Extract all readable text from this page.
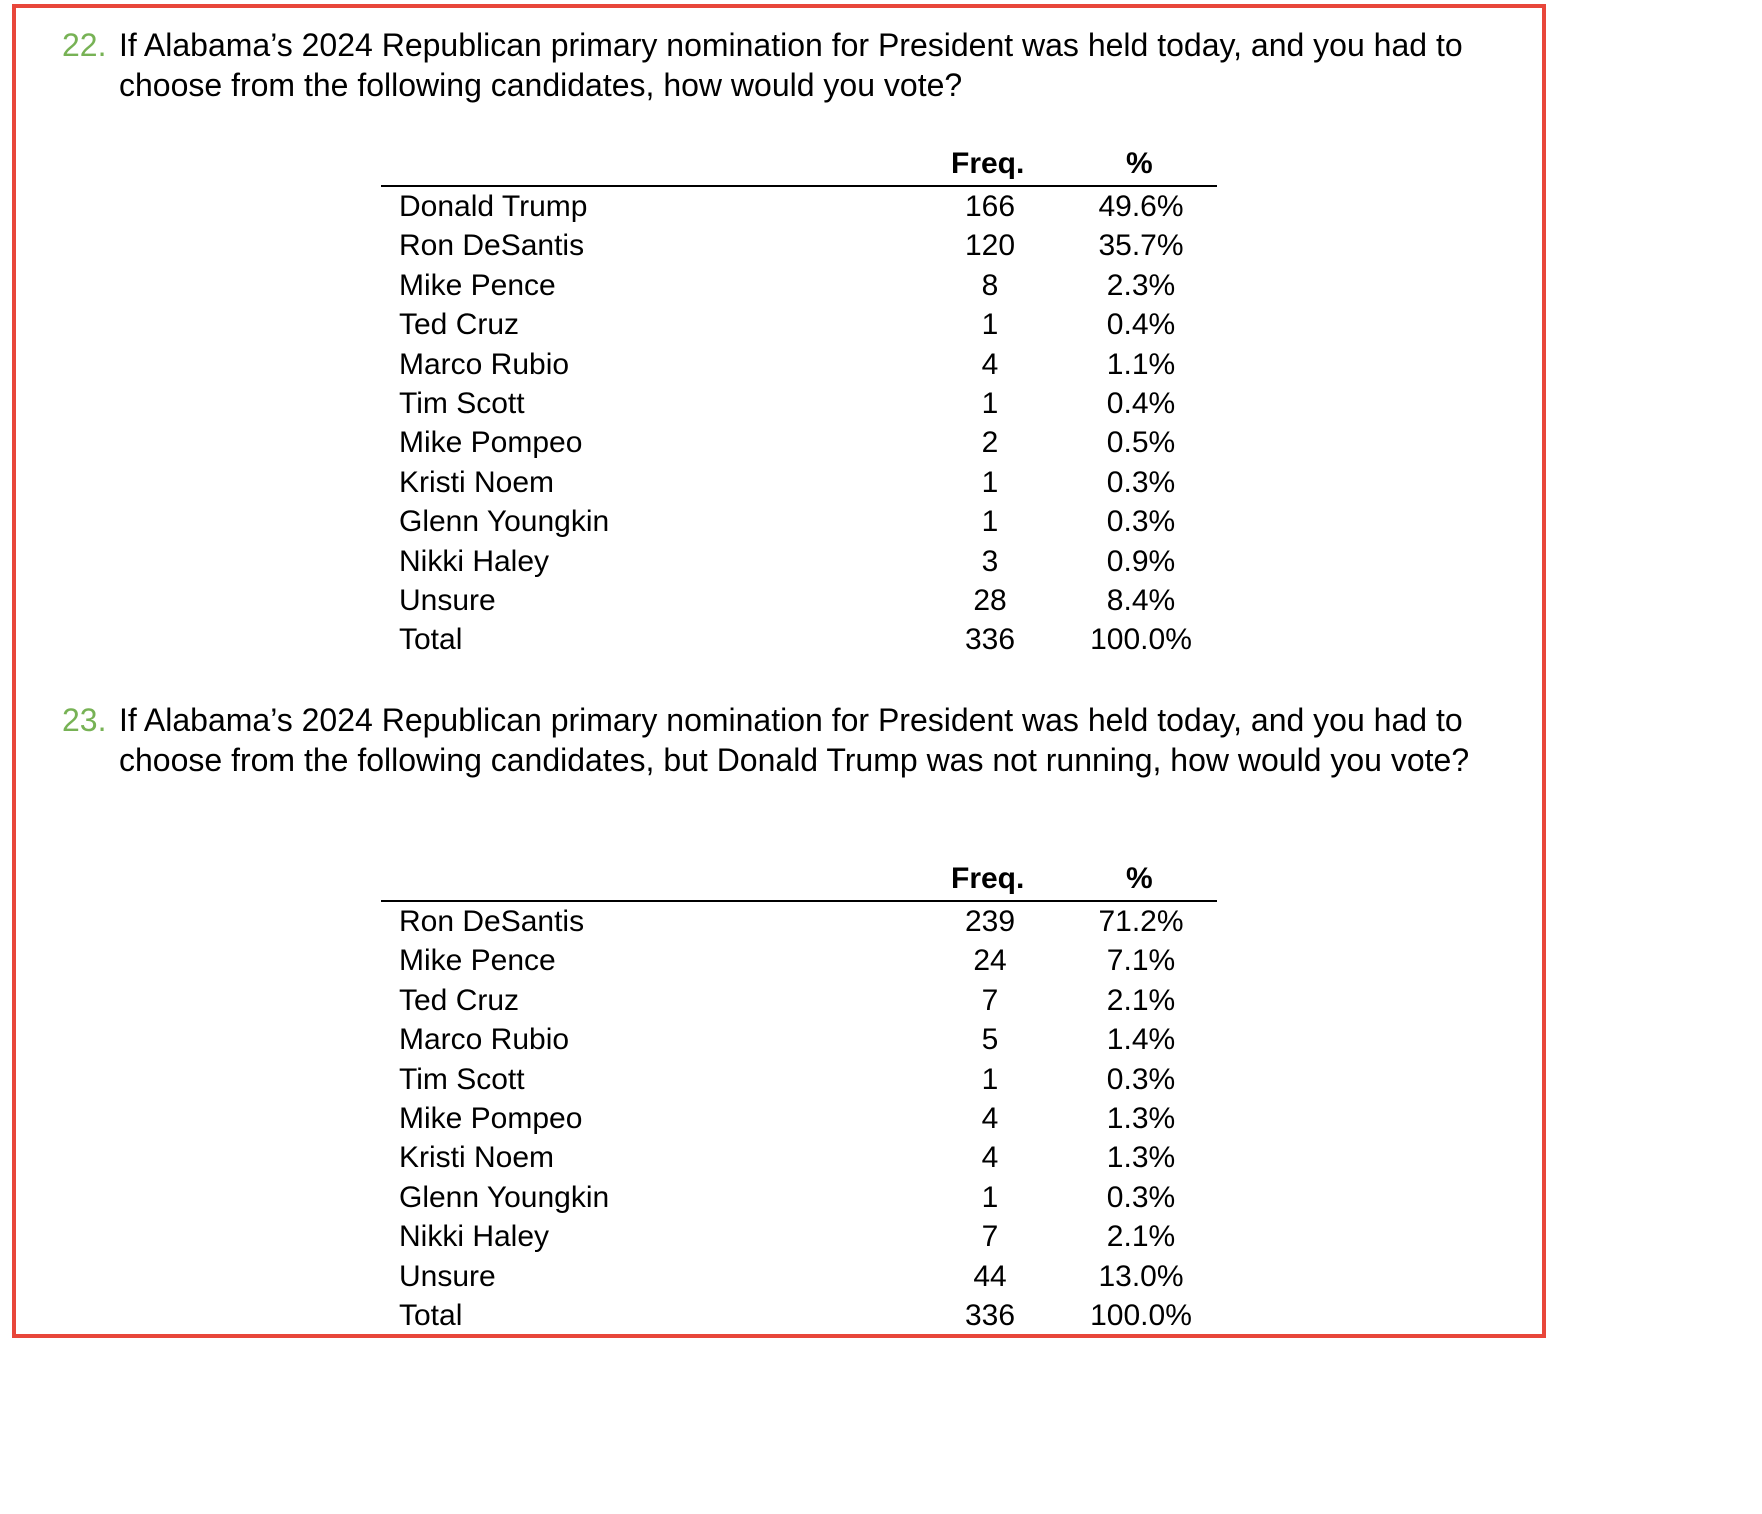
22. If Alabama’s 2024 Republican primary nomination for President was held today, and you had to choose from the following candidates, how would you vote?
Freq.	%
Donald Trump	166	49.6%
Ron DeSantis	120	35.7%
Mike Pence	8	2.3%
Ted Cruz	1	0.4%
Marco Rubio	4	1.1%
Tim Scott	1	0.4%
Mike Pompeo	2	0.5%
Kristi Noem	1	0.3%
Glenn Youngkin	1	0.3%
Nikki Haley	3	0.9%
Unsure	28	8.4%
Total	336	100.0%
23. If Alabama’s 2024 Republican primary nomination for President was held today, and you had to choose from the following candidates, but Donald Trump was not running, how would you vote?
Freq.	%
Ron DeSantis	239	71.2%
Mike Pence	24	7.1%
Ted Cruz	7	2.1%
Marco Rubio	5	1.4%
Tim Scott	1	0.3%
Mike Pompeo	4	1.3%
Kristi Noem	4	1.3%
Glenn Youngkin	1	0.3%
Nikki Haley	7	2.1%
Unsure	44	13.0%
Total	336	100.0%
